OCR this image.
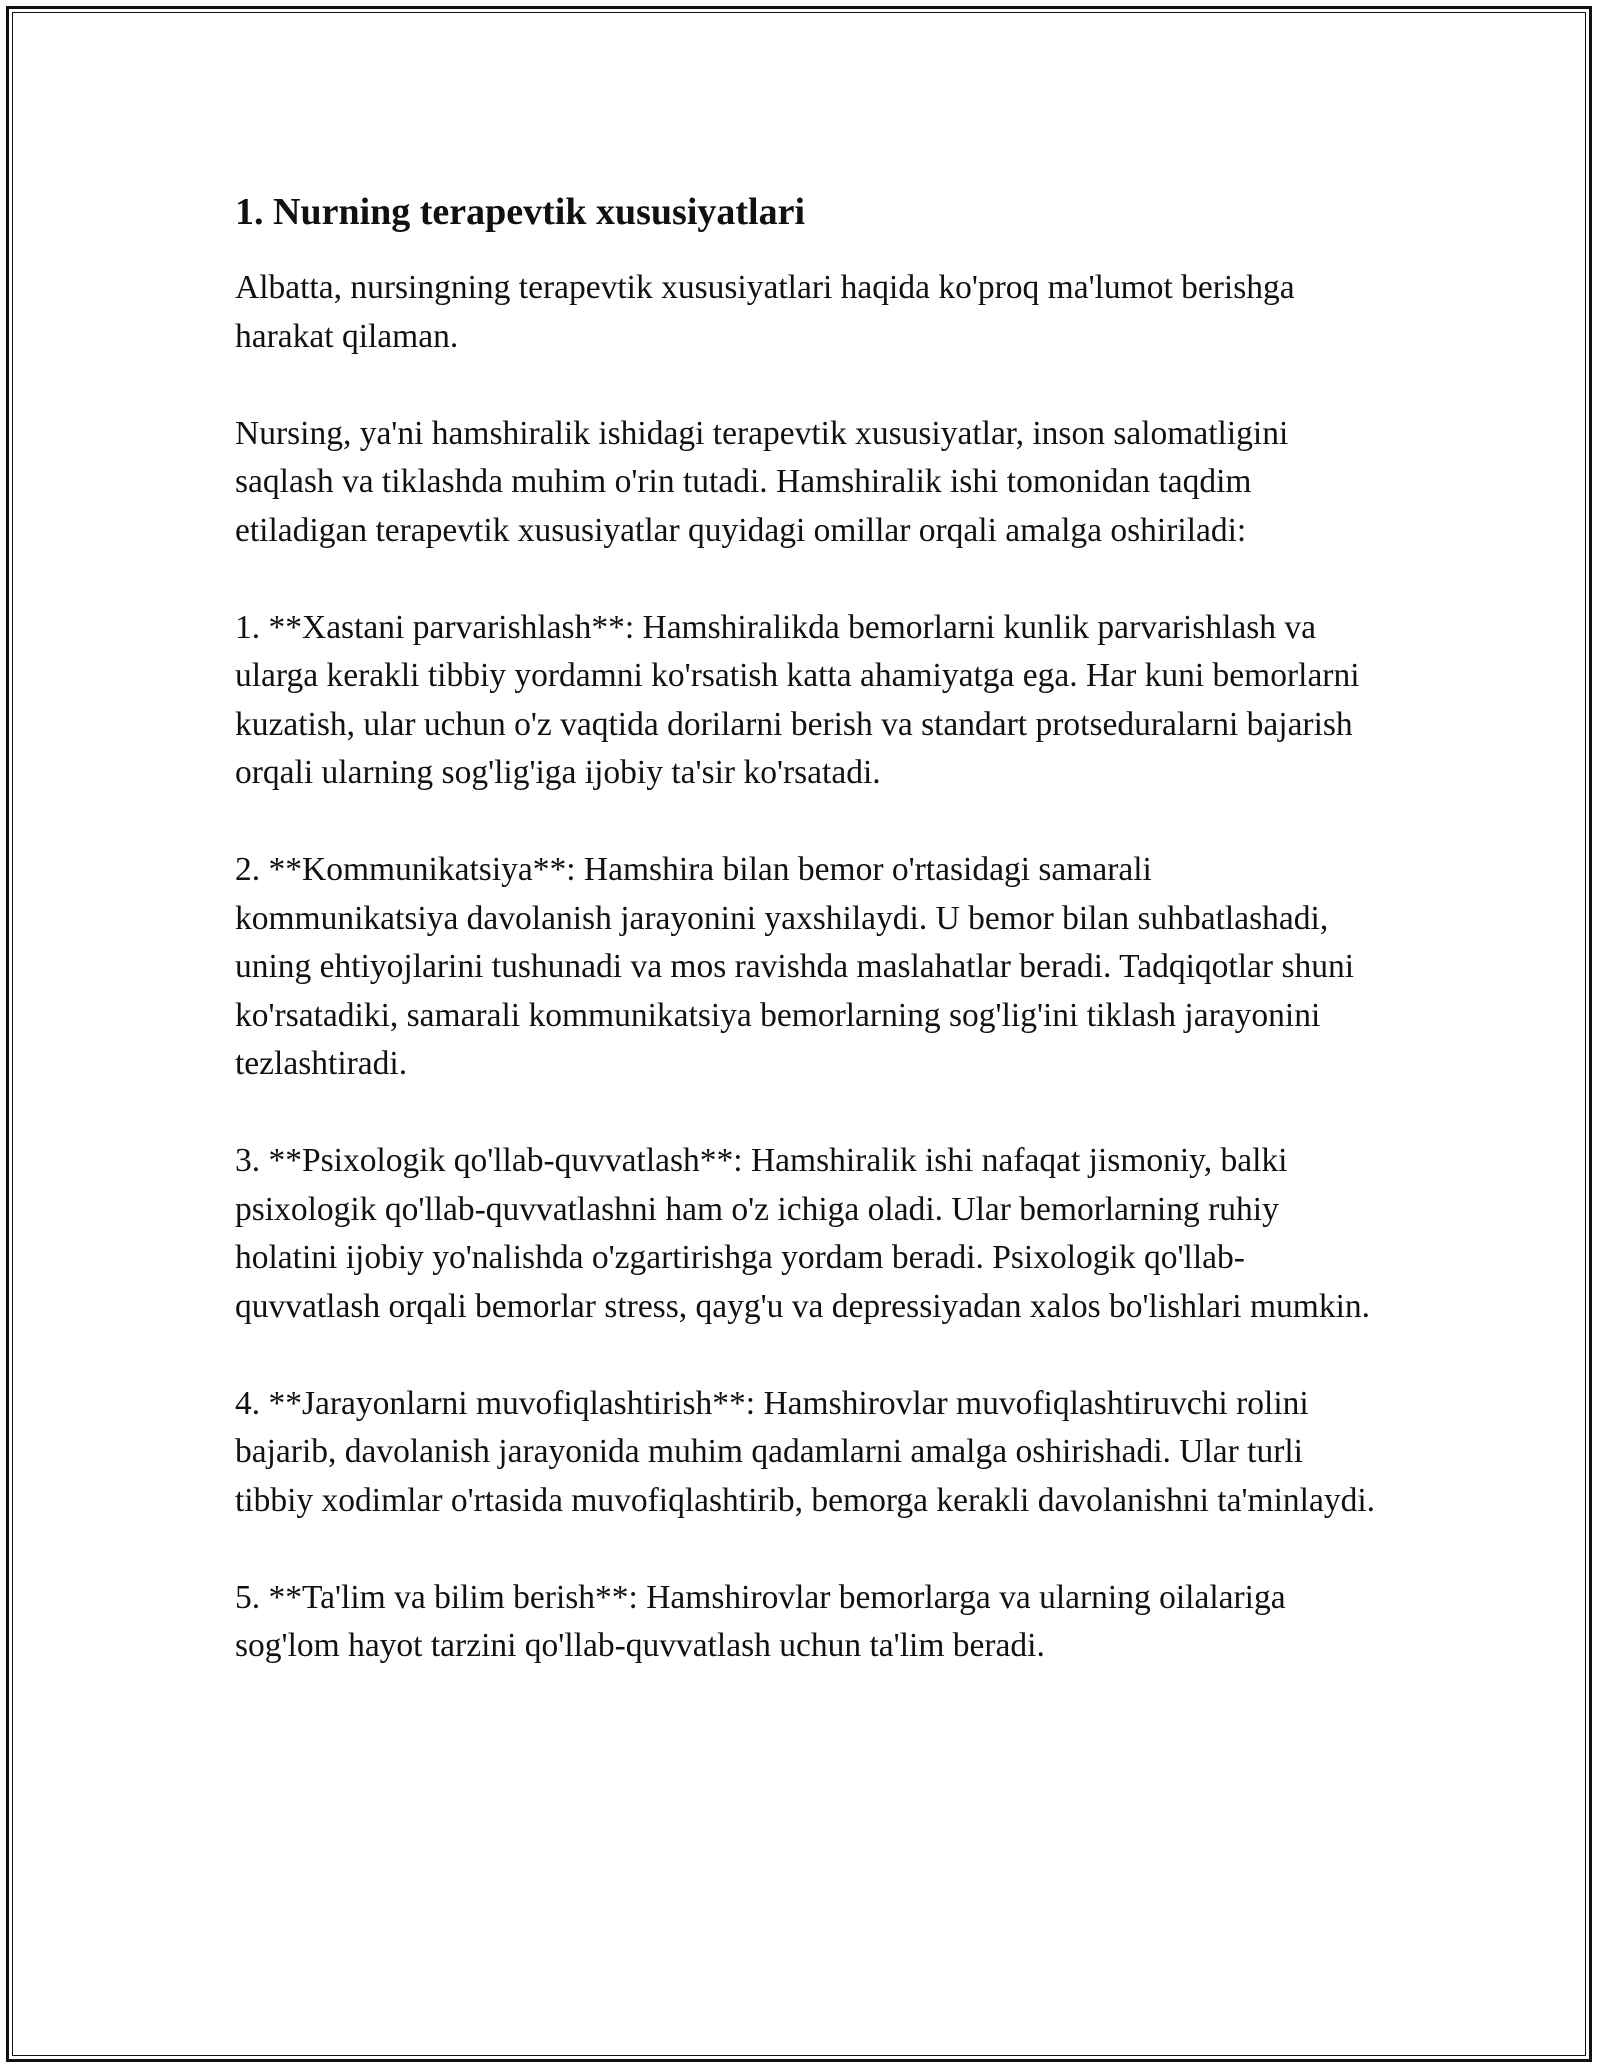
1. Nurning terapevtik xususiyatlari

Albatta, nursingning terapevtik xususiyatlari haqida ko'proq ma'lumot berishga harakat qilaman.

Nursing, ya'ni hamshiralik ishidagi terapevtik xususiyatlar, inson salomatligini saqlash va tiklashda muhim o'rin tutadi. Hamshiralik ishi tomonidan taqdim etiladigan terapevtik xususiyatlar quyidagi omillar orqali amalga oshiriladi:

1. **Xastani parvarishlash**: Hamshiralikda bemorlarni kunlik parvarishlash va ularga kerakli tibbiy yordamni ko'rsatish katta ahamiyatga ega. Har kuni bemorlarni kuzatish, ular uchun o'z vaqtida dorilarni berish va standart protseduralarni bajarish orqali ularning sog'lig'iga ijobiy ta'sir ko'rsatadi.

2. **Kommunikatsiya**: Hamshira bilan bemor o'rtasidagi samarali kommunikatsiya davolanish jarayonini yaxshilaydi. U bemor bilan suhbatlashadi, uning ehtiyojlarini tushunadi va mos ravishda maslahatlar beradi. Tadqiqotlar shuni ko'rsatadiki, samarali kommunikatsiya bemorlarning sog'lig'ini tiklash jarayonini tezlashtiradi.

3. **Psixologik qo'llab-quvvatlash**: Hamshiralik ishi nafaqat jismoniy, balki psixologik qo'llab-quvvatlashni ham o'z ichiga oladi. Ular bemorlarning ruhiy holatini ijobiy yo'nalishda o'zgartirishga yordam beradi. Psixologik qo'llab-quvvatlash orqali bemorlar stress, qayg'u va depressiyadan xalos bo'lishlari mumkin.

4. **Jarayonlarni muvofiqlashtirish**: Hamshirovlar muvofiqlashtiruvchi rolini bajarib, davolanish jarayonida muhim qadamlarni amalga oshirishadi. Ular turli tibbiy xodimlar o'rtasida muvofiqlashtirib, bemorga kerakli davolanishni ta'minlaydi.

5. **Ta'lim va bilim berish**: Hamshirovlar bemorlarga va ularning oilalariga sog'lom hayot tarzini qo'llab-quvvatlash uchun ta'lim beradi.
